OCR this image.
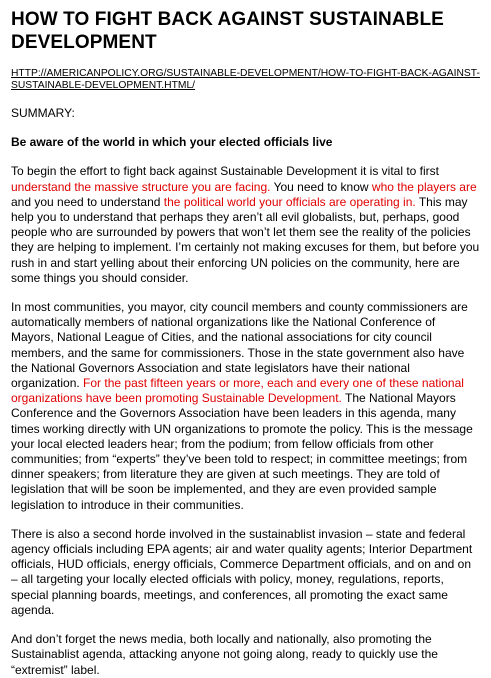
HOW TO FIGHT BACK AGAINST SUSTAINABLE DEVELOPMENT
HTTP://AMERICANPOLICY.ORG/SUSTAINABLE-DEVELOPMENT/HOW-TO-FIGHT-BACK-AGAINST-SUSTAINABLE-DEVELOPMENT.HTML/

SUMMARY:

Be aware of the world in which your elected officials live

To begin the effort to fight back against Sustainable Development it is vital to first understand the massive structure you are facing. You need to know who the players are and you need to understand the political world your officials are operating in. This may help you to understand that perhaps they aren’t all evil globalists, but, perhaps, good people who are surrounded by powers that won’t let them see the reality of the policies they are helping to implement. I’m certainly not making excuses for them, but before you rush in and start yelling about their enforcing UN policies on the community, here are some things you should consider.

In most communities, you mayor, city council members and county commissioners are automatically members of national organizations like the National Conference of Mayors, National League of Cities, and the national associations for city council members, and the same for commissioners. Those in the state government also have the National Governors Association and state legislators have their national organization. For the past fifteen years or more, each and every one of these national organizations have been promoting Sustainable Development. The National Mayors Conference and the Governors Association have been leaders in this agenda, many times working directly with UN organizations to promote the policy. This is the message your local elected leaders hear; from the podium; from fellow officials from other communities; from “experts” they’ve been told to respect; in committee meetings; from dinner speakers; from literature they are given at such meetings. They are told of legislation that will be soon be implemented, and they are even provided sample legislation to introduce in their communities.

There is also a second horde involved in the sustainablist invasion – state and federal agency officials including EPA agents; air and water quality agents; Interior Department officials, HUD officials, energy officials, Commerce Department officials, and on and on – all targeting your locally elected officials with policy, money, regulations, reports, special planning boards, meetings, and conferences, all promoting the exact same agenda.

And don’t forget the news media, both locally and nationally, also promoting the Sustainablist agenda, attacking anyone not going along, ready to quickly use the “extremist” label.
